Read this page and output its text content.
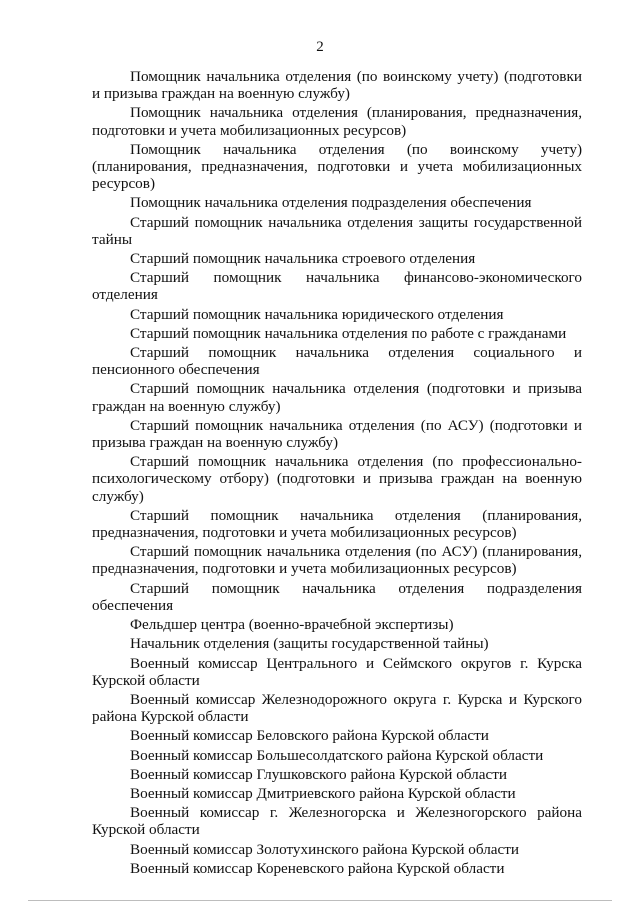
2

Помощник начальника отделения (по воинскому учету) (подготовки и призыва граждан на военную службу)

Помощник начальника отделения (планирования, предназначения, подготовки и учета мобилизационных ресурсов)

Помощник начальника отделения (по воинскому учету) (планирования, предназначения, подготовки и учета мобилизационных ресурсов)

Помощник начальника отделения подразделения обеспечения

Старший помощник начальника отделения защиты государственной тайны

Старший помощник начальника строевого отделения

Старший помощник начальника финансово-экономического отделения

Старший помощник начальника юридического отделения

Старший помощник начальника отделения по работе с гражданами

Старший помощник начальника отделения социального и пенсионного обеспечения

Старший помощник начальника отделения (подготовки и призыва граждан на военную службу)

Старший помощник начальника отделения (по АСУ) (подготовки и призыва граждан на военную службу)

Старший помощник начальника отделения (по профессионально-психологическому отбору) (подготовки и призыва граждан на военную службу)

Старший помощник начальника отделения (планирования, предназначения, подготовки и учета мобилизационных ресурсов)

Старший помощник начальника отделения (по АСУ) (планирования, предназначения, подготовки и учета мобилизационных ресурсов)

Старший помощник начальника отделения подразделения обеспечения

Фельдшер центра (военно-врачебной экспертизы)

Начальник отделения (защиты государственной тайны)

Военный комиссар Центрального и Сеймского округов г. Курска Курской области

Военный комиссар Железнодорожного округа г. Курска и Курского района Курской области

Военный комиссар Беловского района Курской области

Военный комиссар Большесолдатского района Курской области

Военный комиссар Глушковского района Курской области

Военный комиссар Дмитриевского района Курской области

Военный комиссар г. Железногорска и Железногорского района Курской области

Военный комиссар Золотухинского района Курской области

Военный комиссар Кореневского района Курской области
